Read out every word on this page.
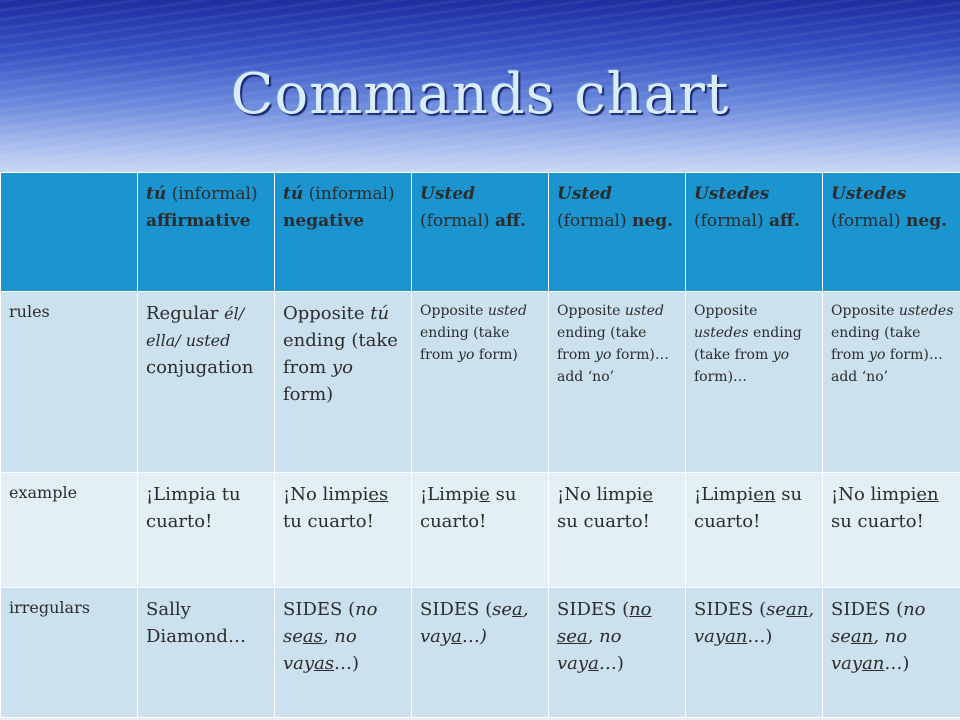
Commands chart
	tú (informal) affirmative	tú (informal) negative	Usted (formal) aff.	Usted (formal) neg.	Ustedes (formal) aff.	Ustedes (formal) neg.
rules	Regular él/ ella/ usted conjugation	Opposite tú ending (take from yo form)	Opposite usted ending (take from yo form)	Opposite usted ending (take from yo form)… add ‘no’	Opposite ustedes ending (take from yo form)…	Opposite ustedes ending (take from yo form)… add ‘no’
example	¡Limpia tu cuarto!	¡No limpies tu cuarto!	¡Limpie su cuarto!	¡No limpie su cuarto!	¡Limpien su cuarto!	¡No limpien su cuarto!
irregulars	Sally Diamond…	SIDES (no seas, no vayas…)	SIDES (sea, vaya…)	SIDES (no sea, no vaya…)	SIDES (sean, vayan…)	SIDES (no sean, no vayan…)
